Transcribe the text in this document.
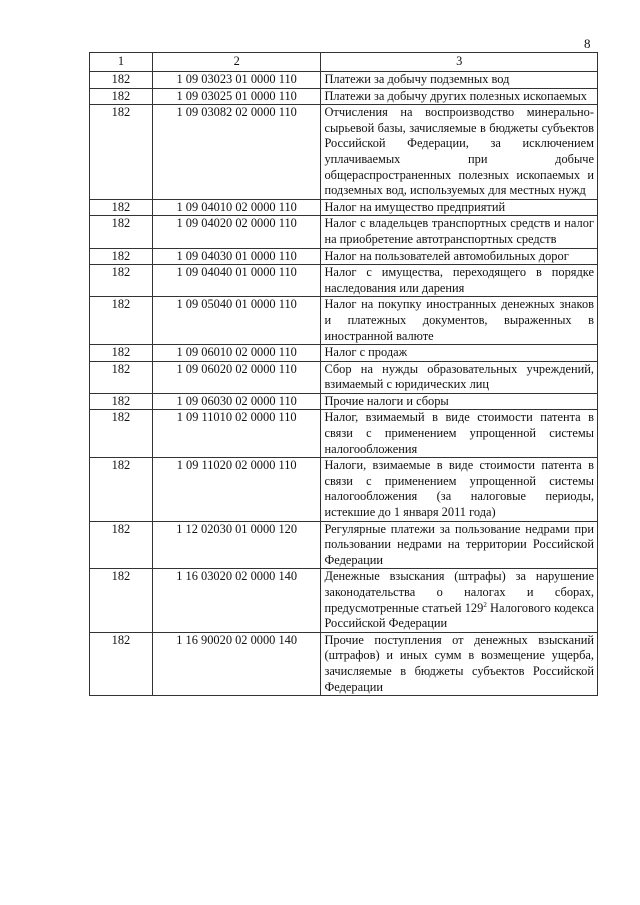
8
1	2	3
182	1 09 03023 01 0000 110	Платежи за добычу подземных вод
182	1 09 03025 01 0000 110	Платежи за добычу других полезных ископаемых
182	1 09 03082 02 0000 110	Отчисления на воспроизводство минерально-сырьевой базы, зачисляемые в бюджеты субъектов Российской Федерации, за исключением уплачиваемых при добыче общераспространенных полезных ископаемых и подземных вод, используемых для местных нужд
182	1 09 04010 02 0000 110	Налог на имущество предприятий
182	1 09 04020 02 0000 110	Налог с владельцев транспортных средств и налог на приобретение автотранспортных средств
182	1 09 04030 01 0000 110	Налог на пользователей автомобильных дорог
182	1 09 04040 01 0000 110	Налог с имущества, переходящего в порядке наследования или дарения
182	1 09 05040 01 0000 110	Налог на покупку иностранных денежных знаков и платежных документов, выраженных в иностранной валюте
182	1 09 06010 02 0000 110	Налог с продаж
182	1 09 06020 02 0000 110	Сбор на нужды образовательных учреждений, взимаемый с юридических лиц
182	1 09 06030 02 0000 110	Прочие налоги и сборы
182	1 09 11010 02 0000 110	Налог, взимаемый в виде стоимости патента в связи с применением упрощенной системы налогообложения
182	1 09 11020 02 0000 110	Налоги, взимаемые в виде стоимости патента в связи с применением упрощенной системы налогообложения (за налоговые периоды, истекшие до 1 января 2011 года)
182	1 12 02030 01 0000 120	Регулярные платежи за пользование недрами при пользовании недрами на территории Российской Федерации
182	1 16 03020 02 0000 140	Денежные взыскания (штрафы) за нарушение законодательства о налогах и сборах, предусмотренные статьей $129^2$ Налогового кодекса Российской Федерации
182	1 16 90020 02 0000 140	Прочие поступления от денежных взысканий (штрафов) и иных сумм в возмещение ущерба, зачисляемые в бюджеты субъектов Российской Федерации
